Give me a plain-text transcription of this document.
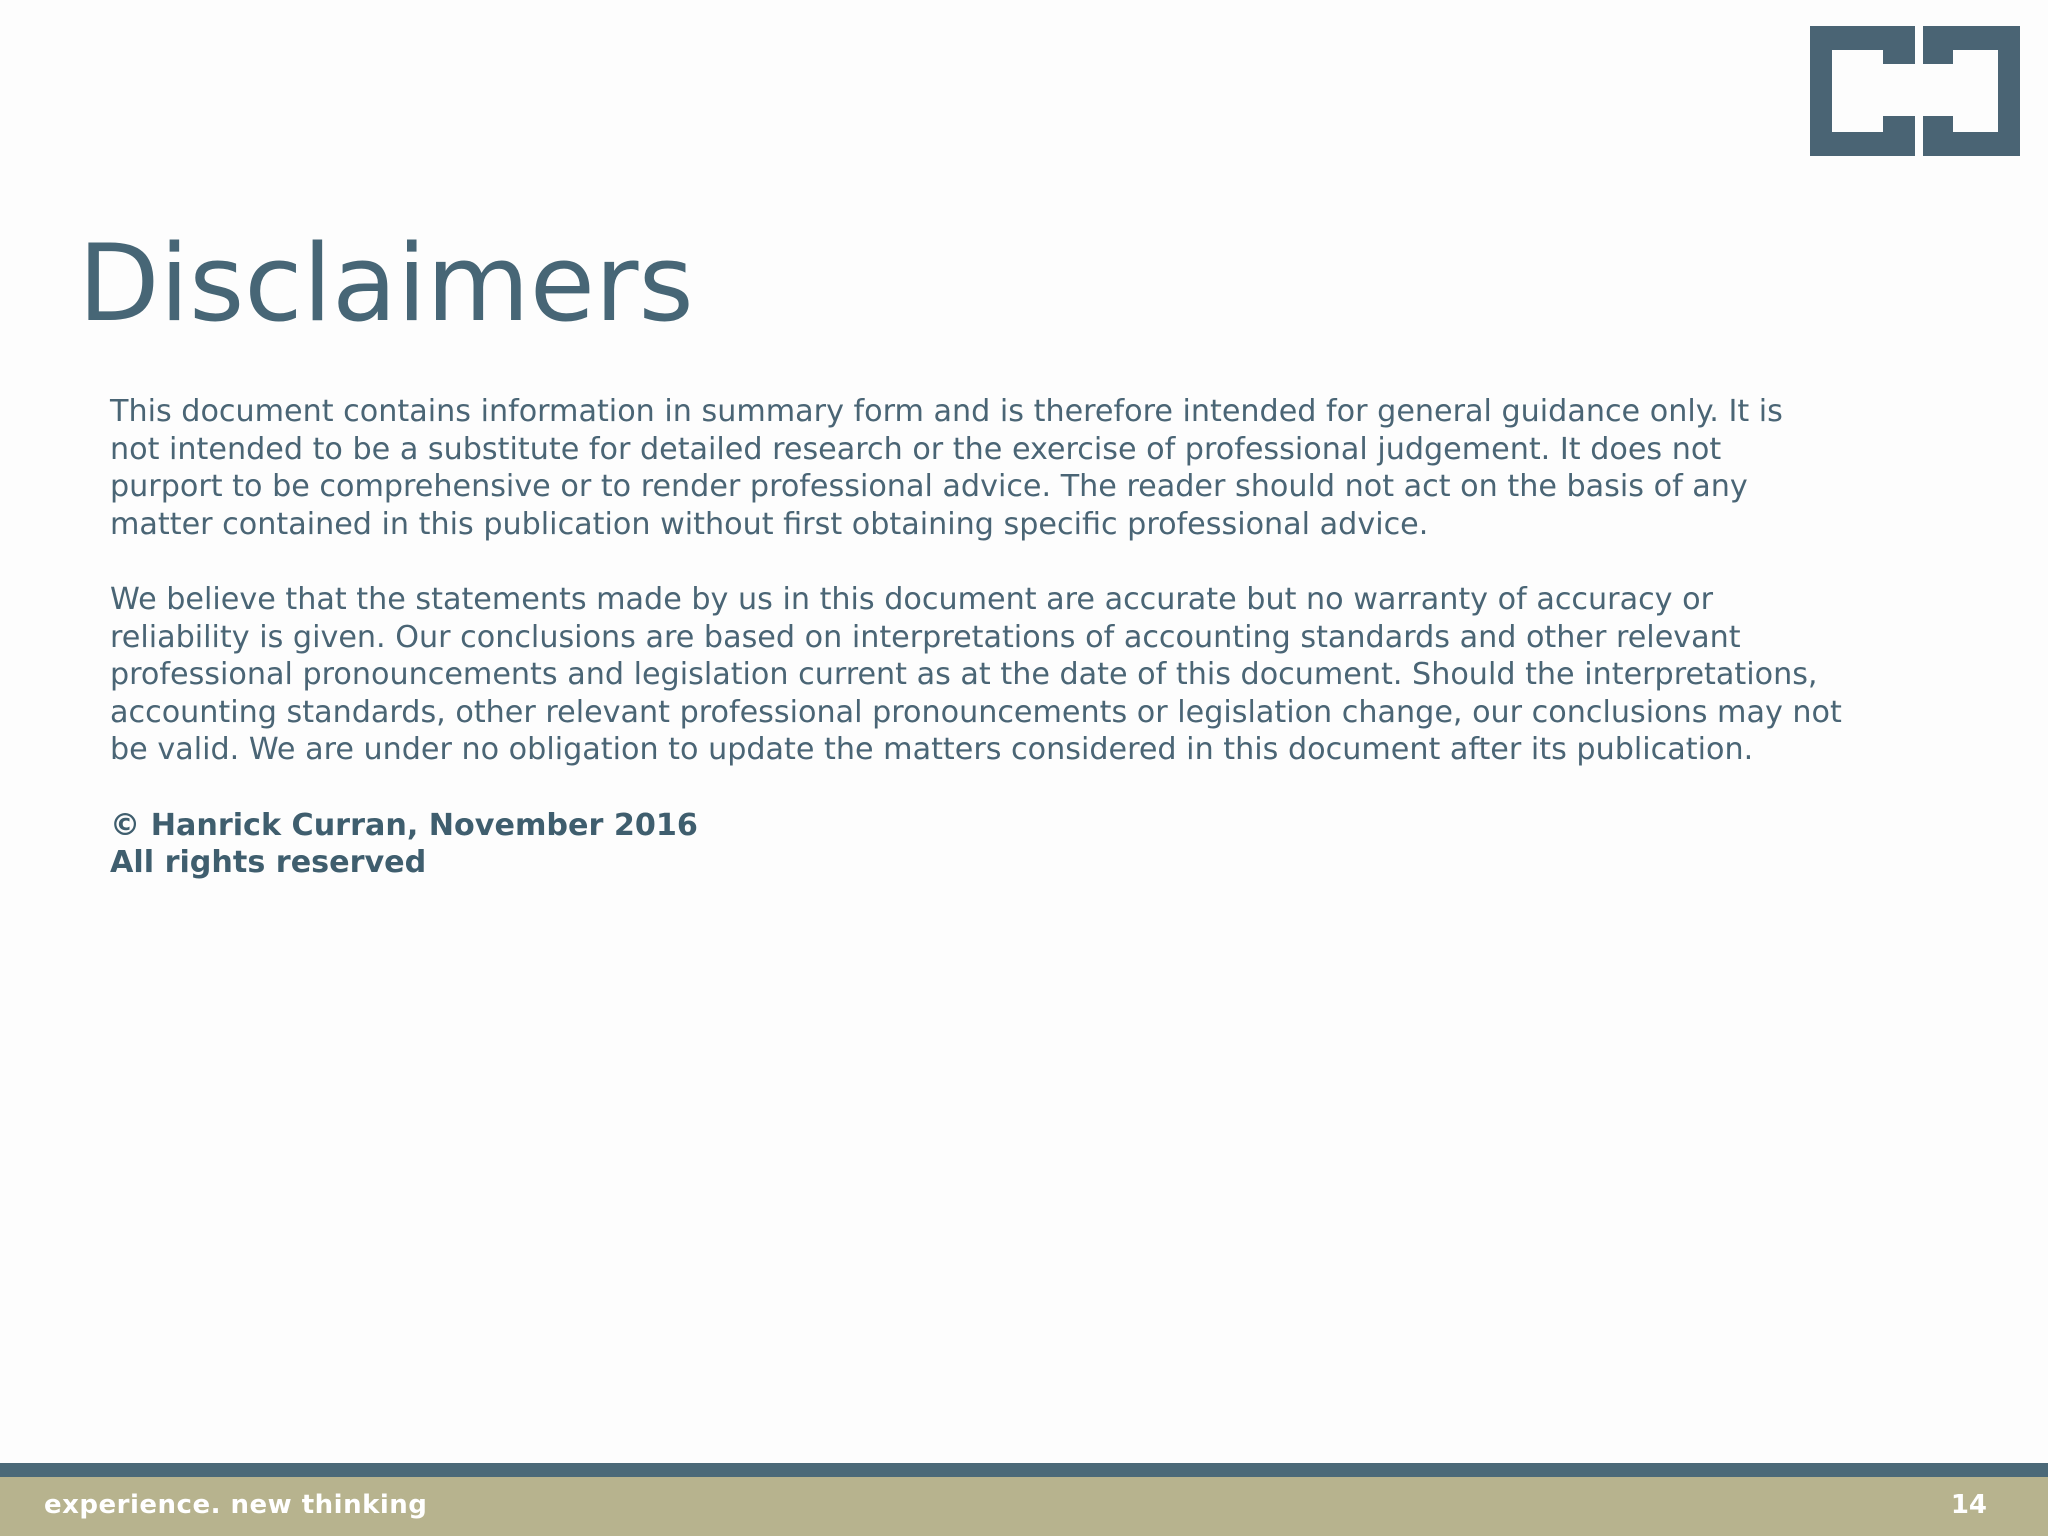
Disclaimers

This document contains information in summary form and is therefore intended for general guidance only. It is
not intended to be a substitute for detailed research or the exercise of professional judgement. It does not
purport to be comprehensive or to render professional advice. The reader should not act on the basis of any
matter contained in this publication without first obtaining specific professional advice.

We believe that the statements made by us in this document are accurate but no warranty of accuracy or
reliability is given. Our conclusions are based on interpretations of accounting standards and other relevant
professional pronouncements and legislation current as at the date of this document. Should the interpretations,
accounting standards, other relevant professional pronouncements or legislation change, our conclusions may not
be valid. We are under no obligation to update the matters considered in this document after its publication.

© Hanrick Curran, November 2016
All rights reserved
experience. new thinking	14
